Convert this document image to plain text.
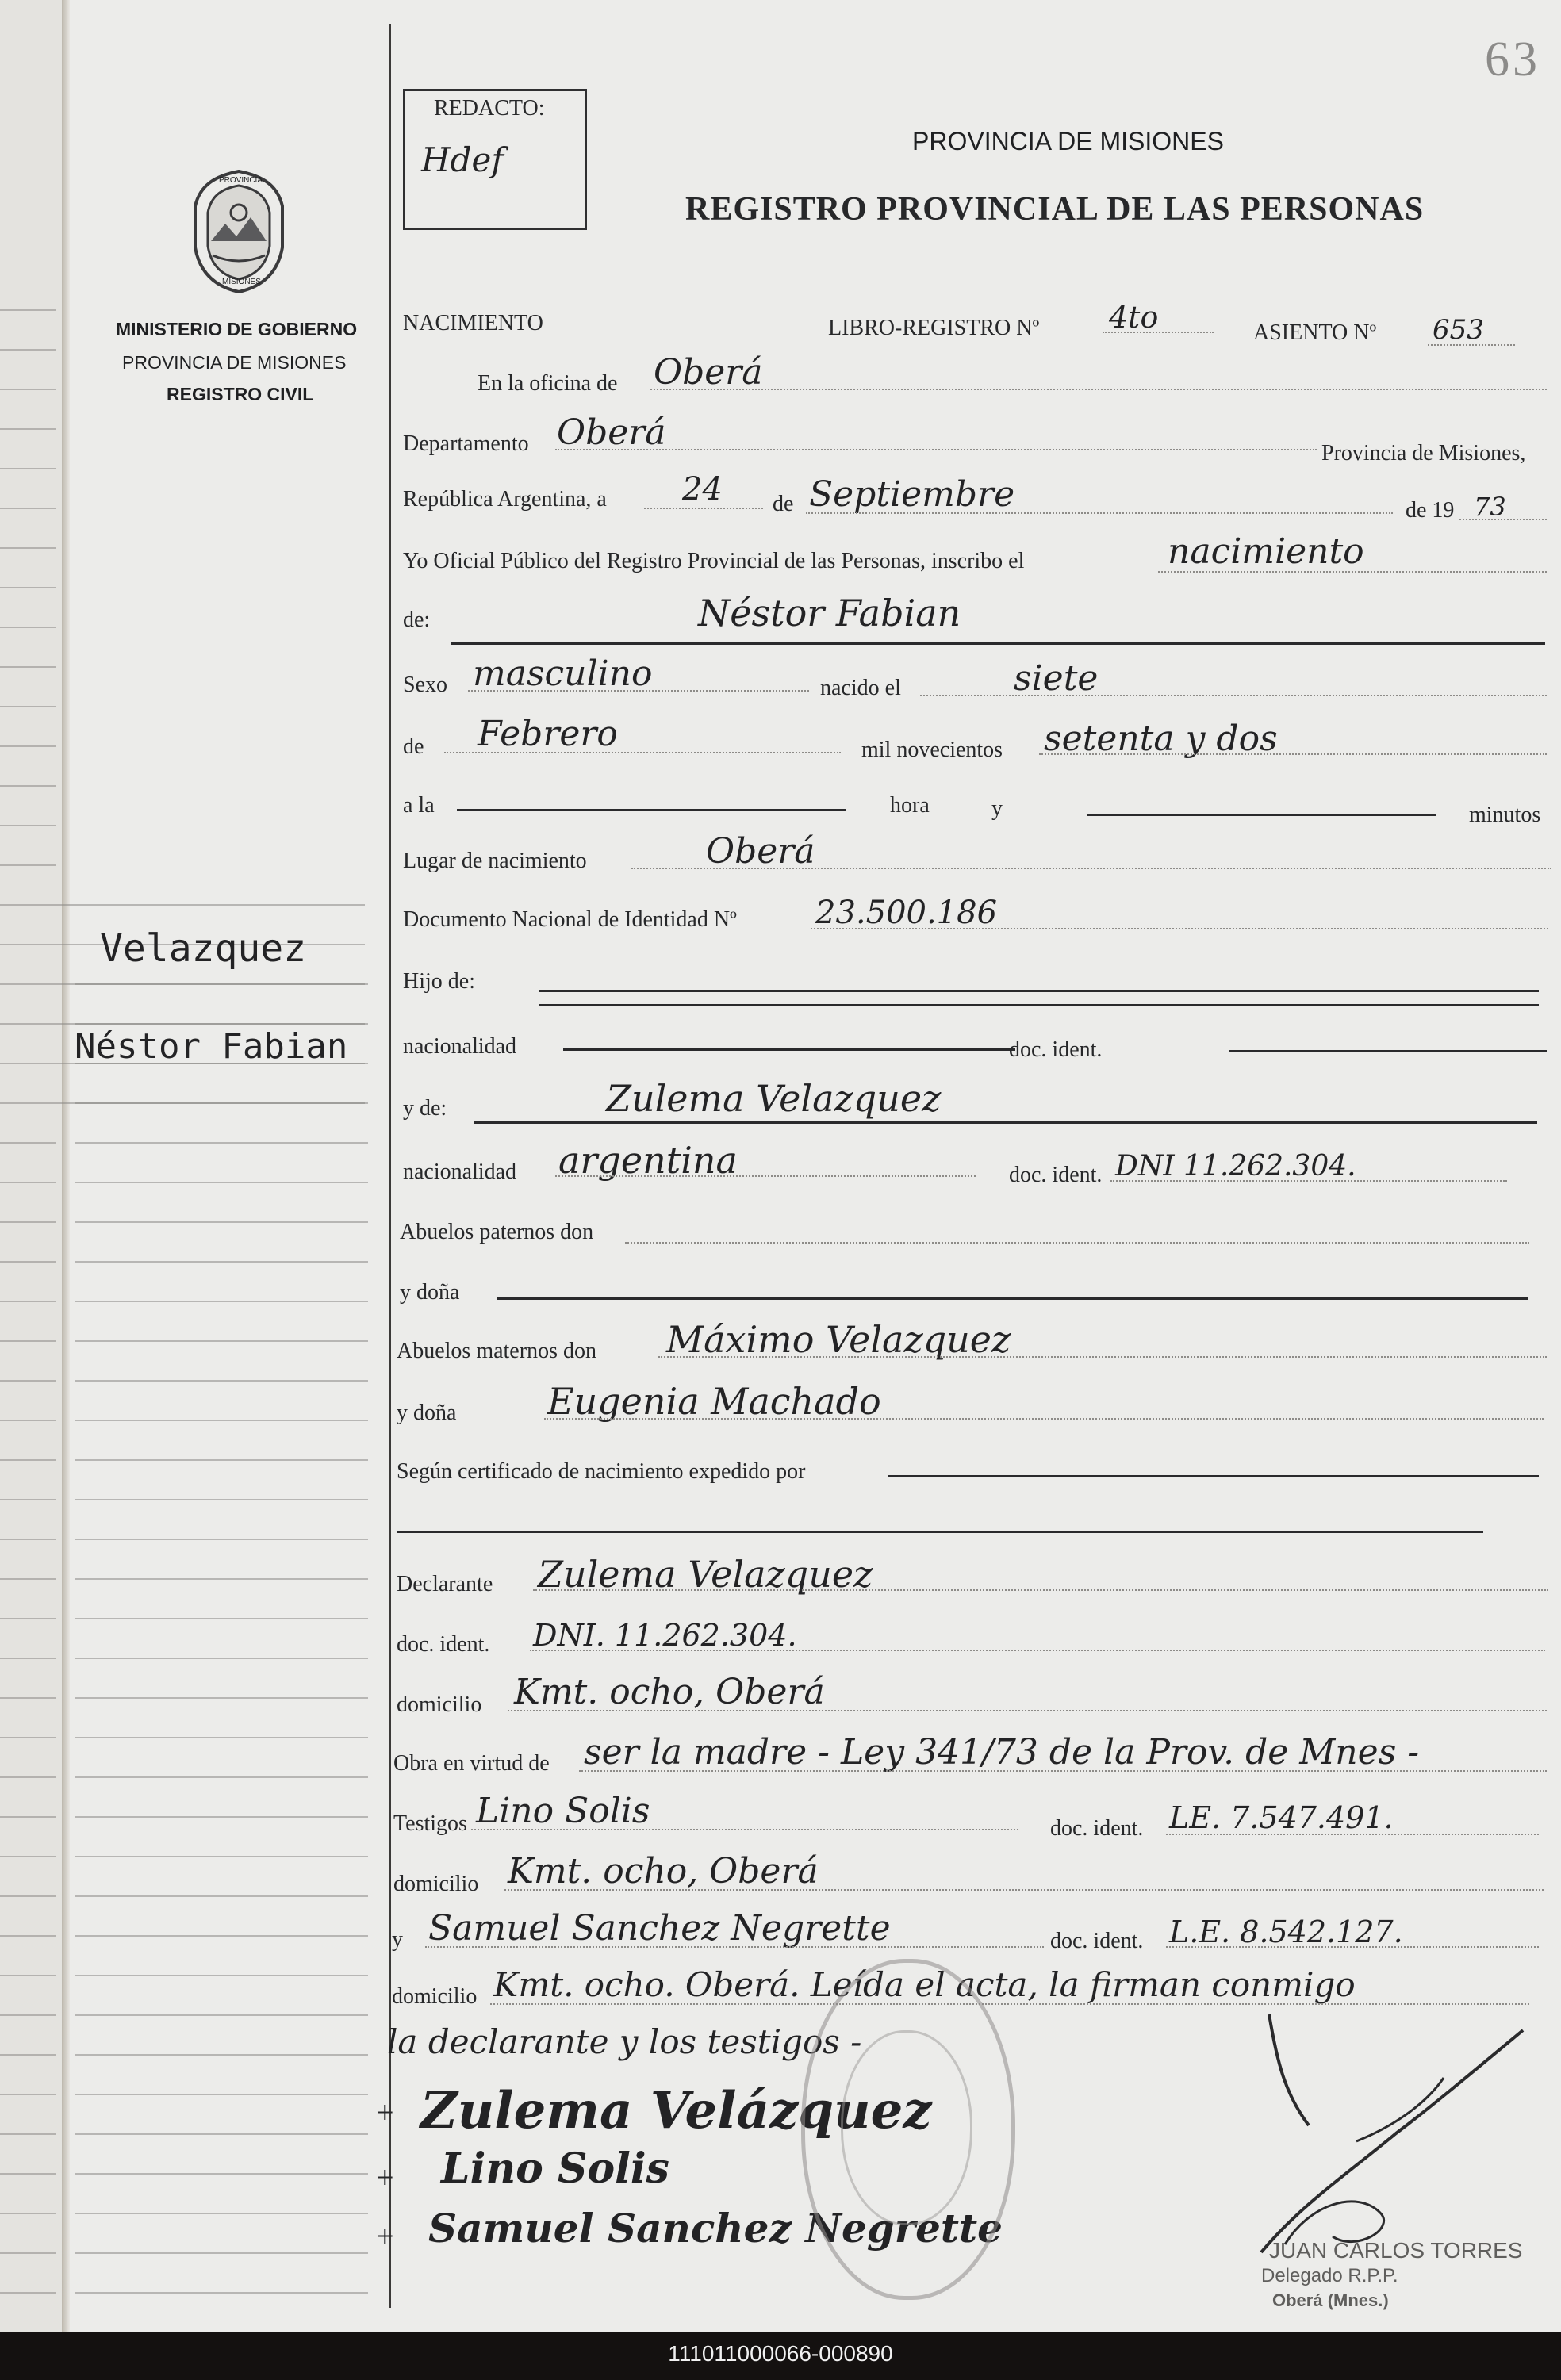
63
REDACTO:
Hdef	PROVINCIA DE MISIONES
REGISTRO PROVINCIAL DE LAS PERSONAS
PROVINCIA
MISIONES
MINISTERIO DE GOBIERNO
PROVINCIA DE MISIONES
REGISTRO CIVIL
Velazquez
Néstor Fabian
NACIMIENTO	LIBRO-REGISTRO Nº 4to	ASIENTO Nº 653
En la oficina de Oberá
Departamento Oberá
Provincia de Misiones,
República Argentina, a 24 de Septiembre	de 19 73
Yo Oficial Público del Registro Provincial de las Personas, inscribo el	nacimiento
de:	Néstor Fabian
Sexo masculino	nacido el	siete
de Febrero	mil novecientos setenta y dos
a la	hora	y	minutos
Lugar de nacimiento	Oberá
Documento Nacional de Identidad Nº 23.500.186
Hijo de:
nacionalidad	doc. ident.
y de:	Zulema Velazquez
nacionalidad argentina	doc. ident. DNI 11.262.304.
Abuelos paternos don
y doña
Abuelos maternos don Máximo Velazquez
y doña Eugenia Machado
Según certificado de nacimiento expedido por
Declarante Zulema Velazquez
doc. ident. DNI. 11.262.304.
domicilio Kmt. ocho, Oberá
Obra en virtud de ser la madre - Ley 341/73 de la Prov. de Mnes -
Testigos Lino Solis	doc. ident. LE. 7.547.491.
domicilio Kmt. ocho, Oberá
y Samuel Sanchez Negrette	doc. ident. L.E. 8.542.127.
domicilio Kmt. ocho. Oberá. Leída el acta, la firman conmigo
la declarante y los testigos -
Zulema Velázquez
Lino Solis
Samuel Sanchez Negrette
+
+
+	JUAN CARLOS TORRES
Delegado R.P.P.
Oberá (Mnes.)
111011000066-000890
